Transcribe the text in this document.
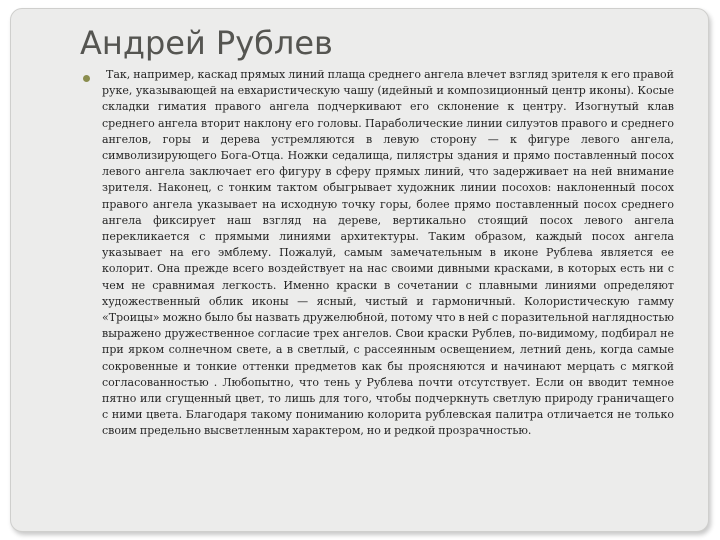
Андрей Рублев

Так, например, каскад прямых линий плаща среднего ангела влечет взгляд зрителя к его правой руке, указывающей на евхаристическую чашу (идейный и композиционный центр иконы). Косые складки гиматия правого ангела подчеркивают его склонение к центру. Изогнутый клав среднего ангела вторит наклону его головы. Параболические линии силуэтов правого и среднего ангелов, горы и дерева устремляются в левую сторону — к фигуре левого ангела, символизирующего Бога-Отца. Ножки седалища, пилястры здания и прямо поставленный посох левого ангела заключает его фигуру в сферу прямых линий, что задерживает на ней внимание зрителя. Наконец, с тонким тактом обыгрывает художник линии посохов: наклоненный посох правого ангела указывает на исходную точку горы, более прямо поставленный посох среднего ангела фиксирует наш взгляд на дереве, вертикально стоящий посох левого ангела перекликается с прямыми линиями архитектуры. Таким образом, каждый посох ангела указывает на его эмблему. Пожалуй, самым замечательным в иконе Рублева является ее колорит. Она прежде всего воздействует на нас своими дивными красками, в которых есть ни с чем не сравнимая легкость. Именно краски в сочетании с плавными линиями определяют художественный облик иконы — ясный, чистый и гармоничный. Колористическую гамму «Троицы» можно было бы назвать дружелюбной, потому что в ней с поразительной наглядностью выражено дружественное согласие трех ангелов. Свои краски Рублев, по-видимому, подбирал не при ярком солнечном свете, а в светлый, с рассеянным освещением, летний день, когда самые сокровенные и тонкие оттенки предметов как бы проясняются и начинают мерцать с мягкой согласованностью . Любопытно, что тень у Рублева почти отсутствует. Если он вводит темное пятно или сгущенный цвет, то лишь для того, чтобы подчеркнуть светлую природу граничащего с ними цвета. Благодаря такому пониманию колорита рублевская палитра отличается не только своим предельно высветленным характером, но и редкой прозрачностью.
